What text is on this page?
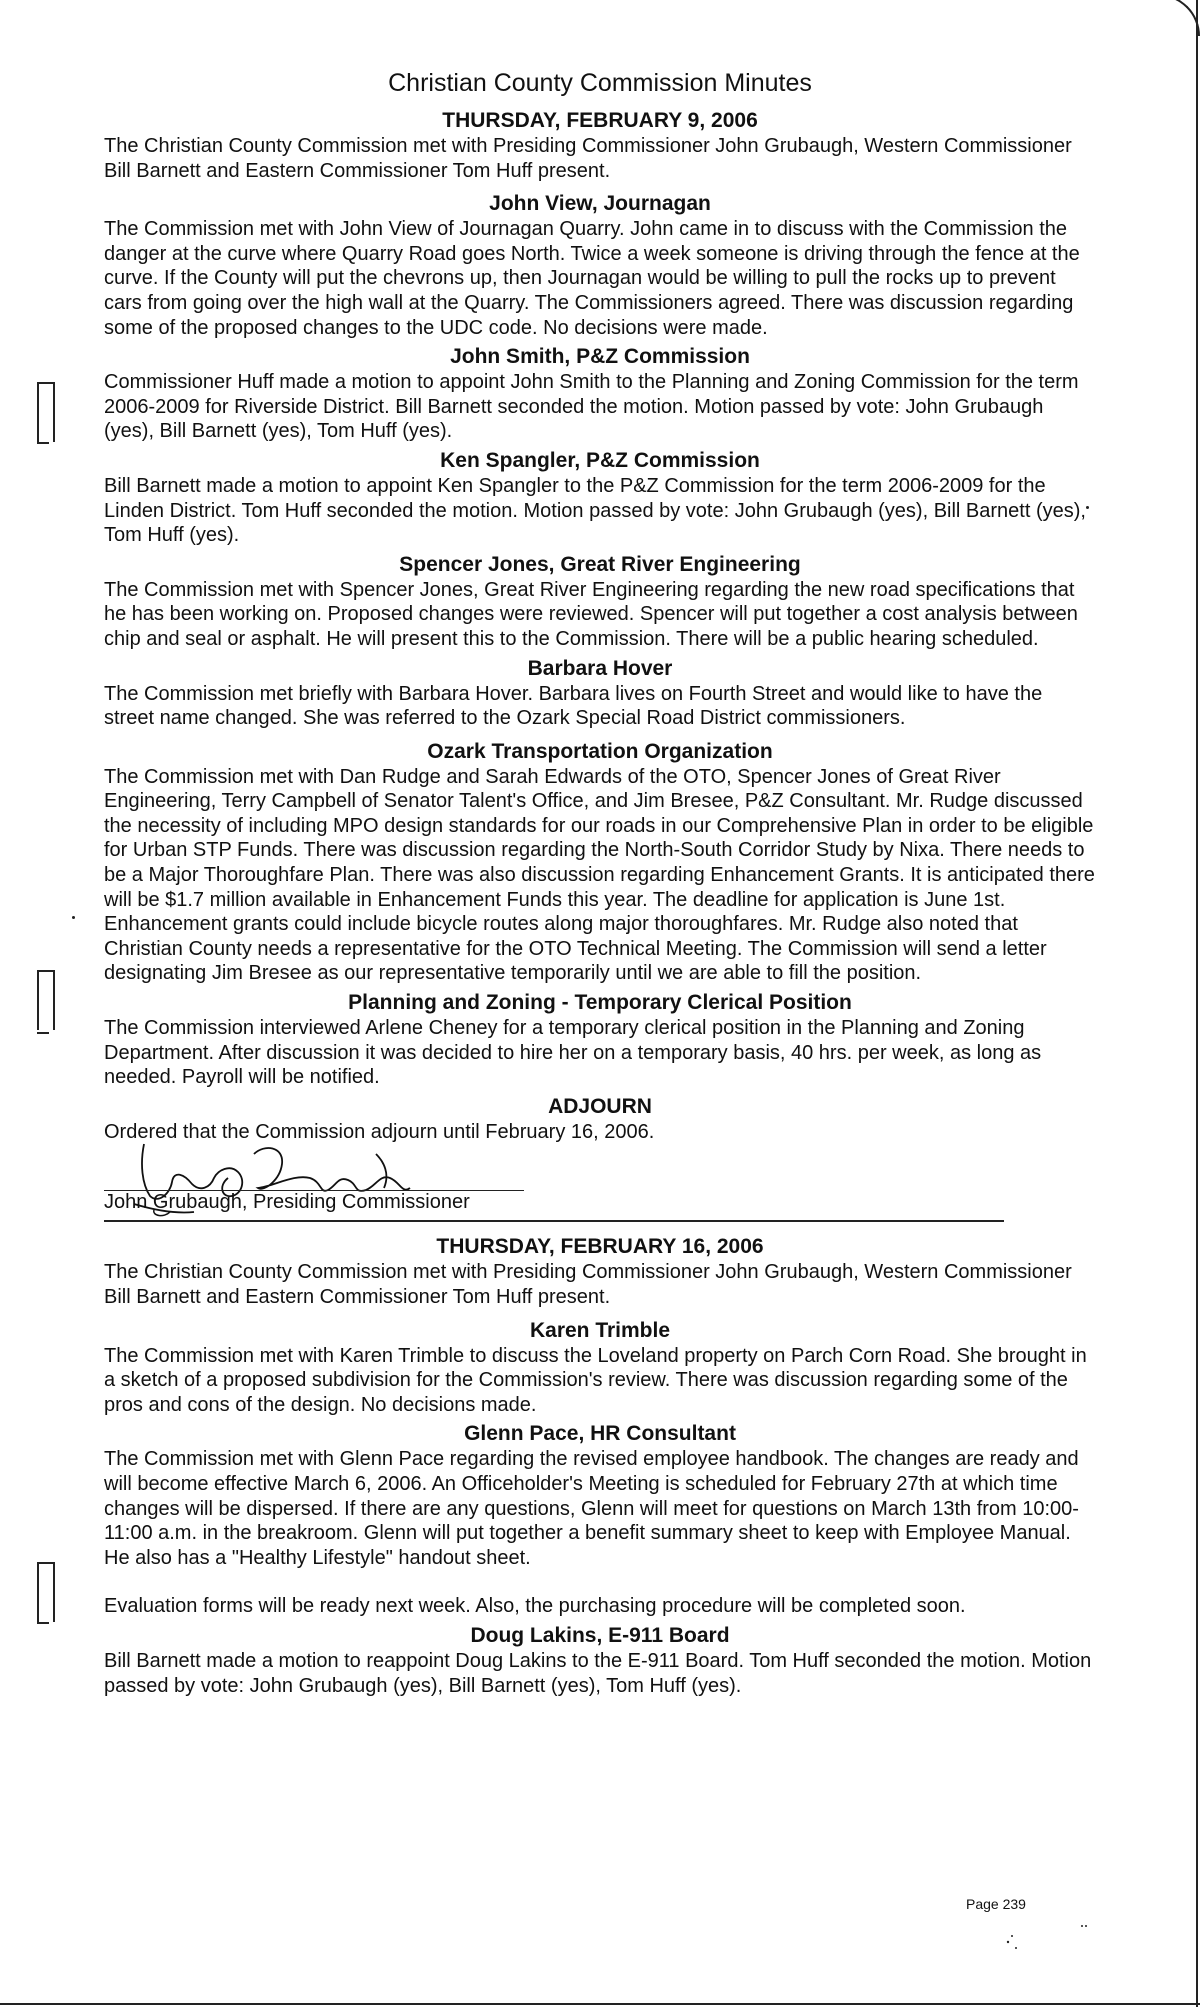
Christian County Commission Minutes
THURSDAY, FEBRUARY 9, 2006

The Christian County Commission met with Presiding Commissioner John Grubaugh, Western Commissioner Bill Barnett and Eastern Commissioner Tom Huff present.

John View, Journagan

The Commission met with John View of Journagan Quarry. John came in to discuss with the Commission the danger at the curve where Quarry Road goes North. Twice a week someone is driving through the fence at the curve. If the County will put the chevrons up, then Journagan would be willing to pull the rocks up to prevent cars from going over the high wall at the Quarry. The Commissioners agreed. There was discussion regarding some of the proposed changes to the UDC code. No decisions were made.

John Smith, P&Z Commission

Commissioner Huff made a motion to appoint John Smith to the Planning and Zoning Commission for the term 2006-2009 for Riverside District. Bill Barnett seconded the motion. Motion passed by vote: John Grubaugh (yes), Bill Barnett (yes), Tom Huff (yes).

Ken Spangler, P&Z Commission

Bill Barnett made a motion to appoint Ken Spangler to the P&Z Commission for the term 2006-2009 for the Linden District. Tom Huff seconded the motion. Motion passed by vote: John Grubaugh (yes), Bill Barnett (yes), Tom Huff (yes).

Spencer Jones, Great River Engineering

The Commission met with Spencer Jones, Great River Engineering regarding the new road specifications that he has been working on. Proposed changes were reviewed. Spencer will put together a cost analysis between chip and seal or asphalt. He will present this to the Commission. There will be a public hearing scheduled.

Barbara Hover

The Commission met briefly with Barbara Hover. Barbara lives on Fourth Street and would like to have the street name changed. She was referred to the Ozark Special Road District commissioners.

Ozark Transportation Organization

The Commission met with Dan Rudge and Sarah Edwards of the OTO, Spencer Jones of Great River Engineering, Terry Campbell of Senator Talent's Office, and Jim Bresee, P&Z Consultant. Mr. Rudge discussed the necessity of including MPO design standards for our roads in our Comprehensive Plan in order to be eligible for Urban STP Funds. There was discussion regarding the North-South Corridor Study by Nixa. There needs to be a Major Thoroughfare Plan. There was also discussion regarding Enhancement Grants. It is anticipated there will be $1.7 million available in Enhancement Funds this year. The deadline for application is June 1st. Enhancement grants could include bicycle routes along major thoroughfares. Mr. Rudge also noted that Christian County needs a representative for the OTO Technical Meeting. The Commission will send a letter designating Jim Bresee as our representative temporarily until we are able to fill the position.

Planning and Zoning - Temporary Clerical Position

The Commission interviewed Arlene Cheney for a temporary clerical position in the Planning and Zoning Department. After discussion it was decided to hire her on a temporary basis, 40 hrs. per week, as long as needed. Payroll will be notified.

ADJOURN

Ordered that the Commission adjourn until February 16, 2006.

John Grubaugh, Presiding Commissioner
THURSDAY, FEBRUARY 16, 2006

The Christian County Commission met with Presiding Commissioner John Grubaugh, Western Commissioner Bill Barnett and Eastern Commissioner Tom Huff present.

Karen Trimble

The Commission met with Karen Trimble to discuss the Loveland property on Parch Corn Road. She brought in a sketch of a proposed subdivision for the Commission's review. There was discussion regarding some of the pros and cons of the design. No decisions made.

Glenn Pace, HR Consultant

The Commission met with Glenn Pace regarding the revised employee handbook. The changes are ready and will become effective March 6, 2006. An Officeholder's Meeting is scheduled for February 27th at which time changes will be dispersed. If there are any questions, Glenn will meet for questions on March 13th from 10:00-11:00 a.m. in the breakroom. Glenn will put together a benefit summary sheet to keep with Employee Manual. He also has a "Healthy Lifestyle" handout sheet.

Evaluation forms will be ready next week. Also, the purchasing procedure will be completed soon.

Doug Lakins, E-911 Board

Bill Barnett made a motion to reappoint Doug Lakins to the E-911 Board. Tom Huff seconded the motion. Motion passed by vote: John Grubaugh (yes), Bill Barnett (yes), Tom Huff (yes).

Page 239
